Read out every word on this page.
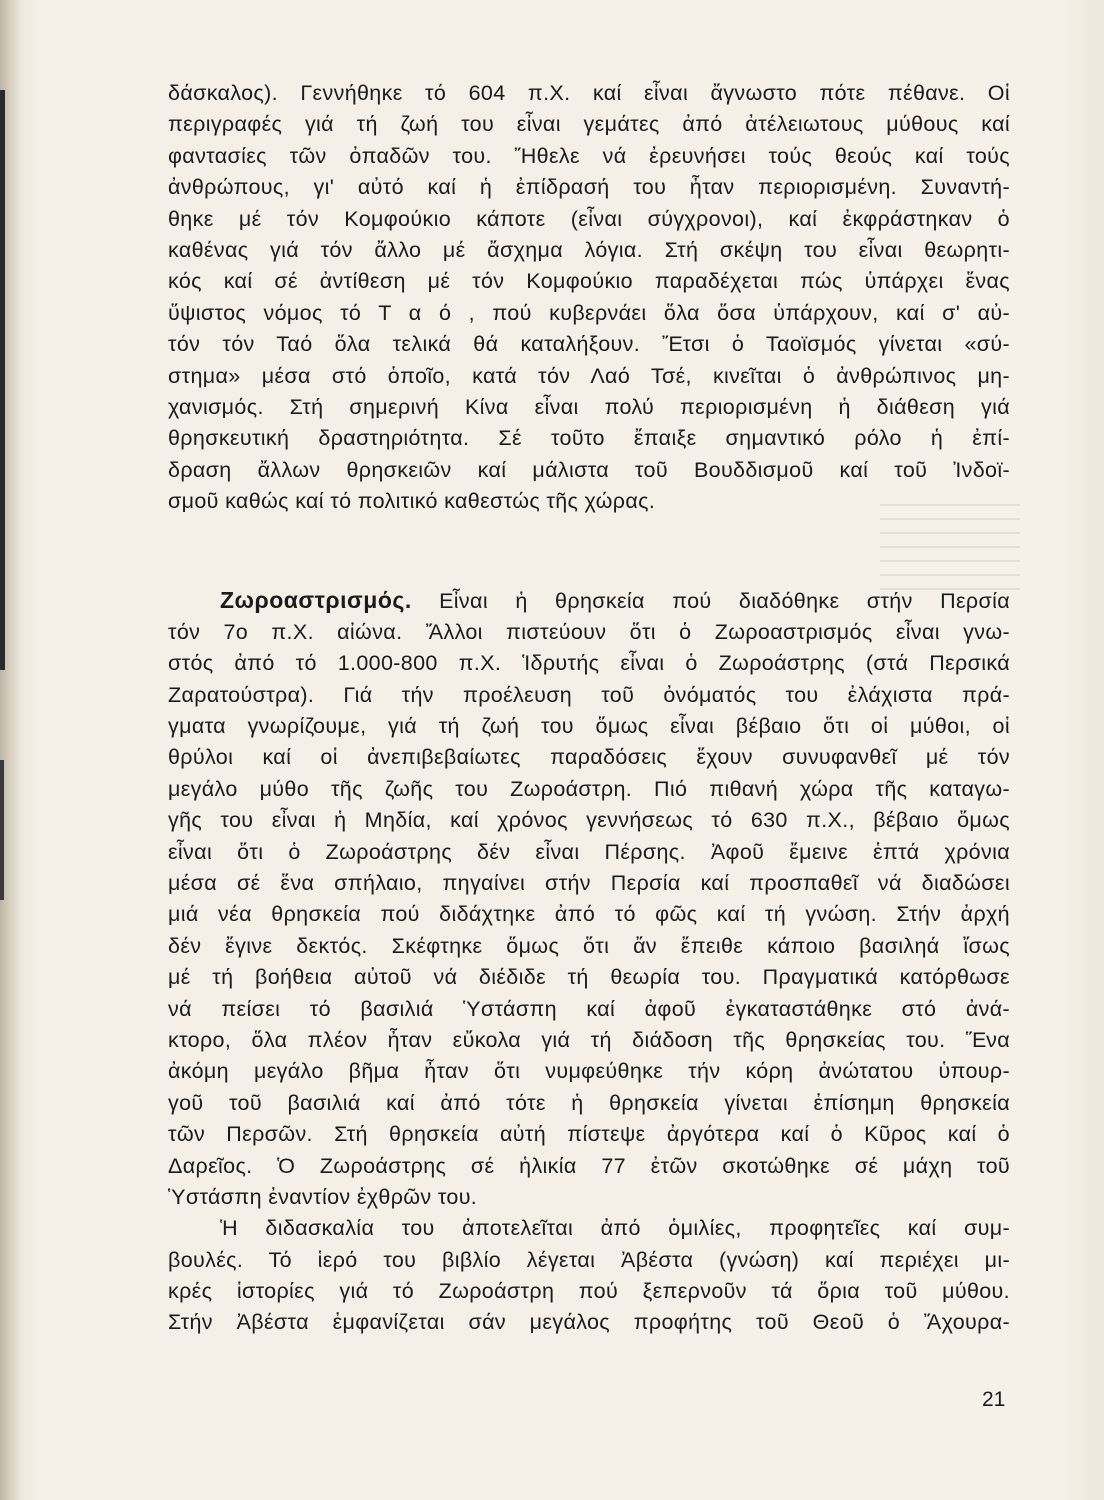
δάσκαλος). Γεννήθηκε τό 604 π.Χ. καί εἶναι ἄγνωστο πότε πέθανε. Οἱ
περιγραφές γιά τή ζωή του εἶναι γεμάτες ἀπό ἀτέλειωτους μύθους καί
φαντασίες τῶν ὀπαδῶν του. Ἤθελε νά ἐρευνήσει τούς θεούς καί τούς
ἀνθρώπους, γι' αὐτό καί ἡ ἐπίδρασή του ἦταν περιορισμένη. Συναντή-
θηκε μέ τόν Κομφούκιο κάποτε (εἶναι σύγχρονοι), καί ἐκφράστηκαν ὁ
καθένας γιά τόν ἄλλο μέ ἄσχημα λόγια. Στή σκέψη του εἶναι θεωρητι-
κός καί σέ ἀντίθεση μέ τόν Κομφούκιο παραδέχεται πώς ὑπάρχει ἕνας
ὕψιστος νόμος τό Τ α ό , πού κυβερνάει ὅλα ὅσα ὑπάρχουν, καί σ' αὐ-
τόν τόν Ταό ὅλα τελικά θά καταλήξουν. Ἔτσι ὁ Ταοϊσμός γίνεται «σύ-
στημα» μέσα στό ὁποῖο, κατά τόν Λαό Τσέ, κινεῖται ὁ ἀνθρώπινος μη-
χανισμός. Στή σημερινή Κίνα εἶναι πολύ περιορισμένη ἡ διάθεση γιά
θρησκευτική δραστηριότητα. Σέ τοῦτο ἔπαιξε σημαντικό ρόλο ἡ ἐπί-
δραση ἄλλων θρησκειῶν καί μάλιστα τοῦ Βουδδισμοῦ καί τοῦ Ἰνδοϊ-
σμοῦ καθώς καί τό πολιτικό καθεστώς τῆς χώρας.
Ζωροαστρισμός. Εἶναι ἡ θρησκεία πού διαδόθηκε στήν Περσία
τόν 7ο π.Χ. αἰώνα. Ἄλλοι πιστεύουν ὅτι ὁ Ζωροαστρισμός εἶναι γνω-
στός ἀπό τό 1.000-800 π.Χ. Ἱδρυτής εἶναι ὁ Ζωροάστρης (στά Περσικά
Ζαρατούστρα). Γιά τήν προέλευση τοῦ ὀνόματός του ἐλάχιστα πρά-
γματα γνωρίζουμε, γιά τή ζωή του ὅμως εἶναι βέβαιο ὅτι οἱ μύθοι, οἱ
θρύλοι καί οἱ ἀνεπιβεβαίωτες παραδόσεις ἔχουν συνυφανθεῖ μέ τόν
μεγάλο μύθο τῆς ζωῆς του Ζωροάστρη. Πιό πιθανή χώρα τῆς καταγω-
γῆς του εἶναι ἡ Μηδία, καί χρόνος γεννήσεως τό 630 π.Χ., βέβαιο ὅμως
εἶναι ὅτι ὁ Ζωροάστρης δέν εἶναι Πέρσης. Ἀφοῦ ἔμεινε ἑπτά χρόνια
μέσα σέ ἕνα σπήλαιο, πηγαίνει στήν Περσία καί προσπαθεῖ νά διαδώσει
μιά νέα θρησκεία πού διδάχτηκε ἀπό τό φῶς καί τή γνώση. Στήν ἀρχή
δέν ἔγινε δεκτός. Σκέφτηκε ὅμως ὅτι ἄν ἔπειθε κάποιο βασιληά ἴσως
μέ τή βοήθεια αὐτοῦ νά διέδιδε τή θεωρία του. Πραγματικά κατόρθωσε
νά πείσει τό βασιλιά Ὑστάσπη καί ἀφοῦ ἐγκαταστάθηκε στό ἀνά-
κτορο, ὅλα πλέον ἦταν εὔκολα γιά τή διάδοση τῆς θρησκείας του. Ἕνα
ἀκόμη μεγάλο βῆμα ἦταν ὅτι νυμφεύθηκε τήν κόρη ἀνώτατου ὑπουρ-
γοῦ τοῦ βασιλιά καί ἀπό τότε ἡ θρησκεία γίνεται ἐπίσημη θρησκεία
τῶν Περσῶν. Στή θρησκεία αὐτή πίστεψε ἀργότερα καί ὁ Κῦρος καί ὁ
Δαρεῖος. Ὁ Ζωροάστρης σέ ἡλικία 77 ἐτῶν σκοτώθηκε σέ μάχη τοῦ
Ὑστάσπη ἐναντίον ἐχθρῶν του.
Ἡ διδασκαλία του ἀποτελεῖται ἀπό ὁμιλίες, προφητεῖες καί συμ-
βουλές. Τό ἱερό του βιβλίο λέγεται Ἀβέστα (γνώση) καί περιέχει μι-
κρές ἱστορίες γιά τό Ζωροάστρη πού ξεπερνοῦν τά ὅρια τοῦ μύθου.
Στήν Ἀβέστα ἐμφανίζεται σάν μεγάλος προφήτης τοῦ Θεοῦ ὁ Ἄχουρα-
21
